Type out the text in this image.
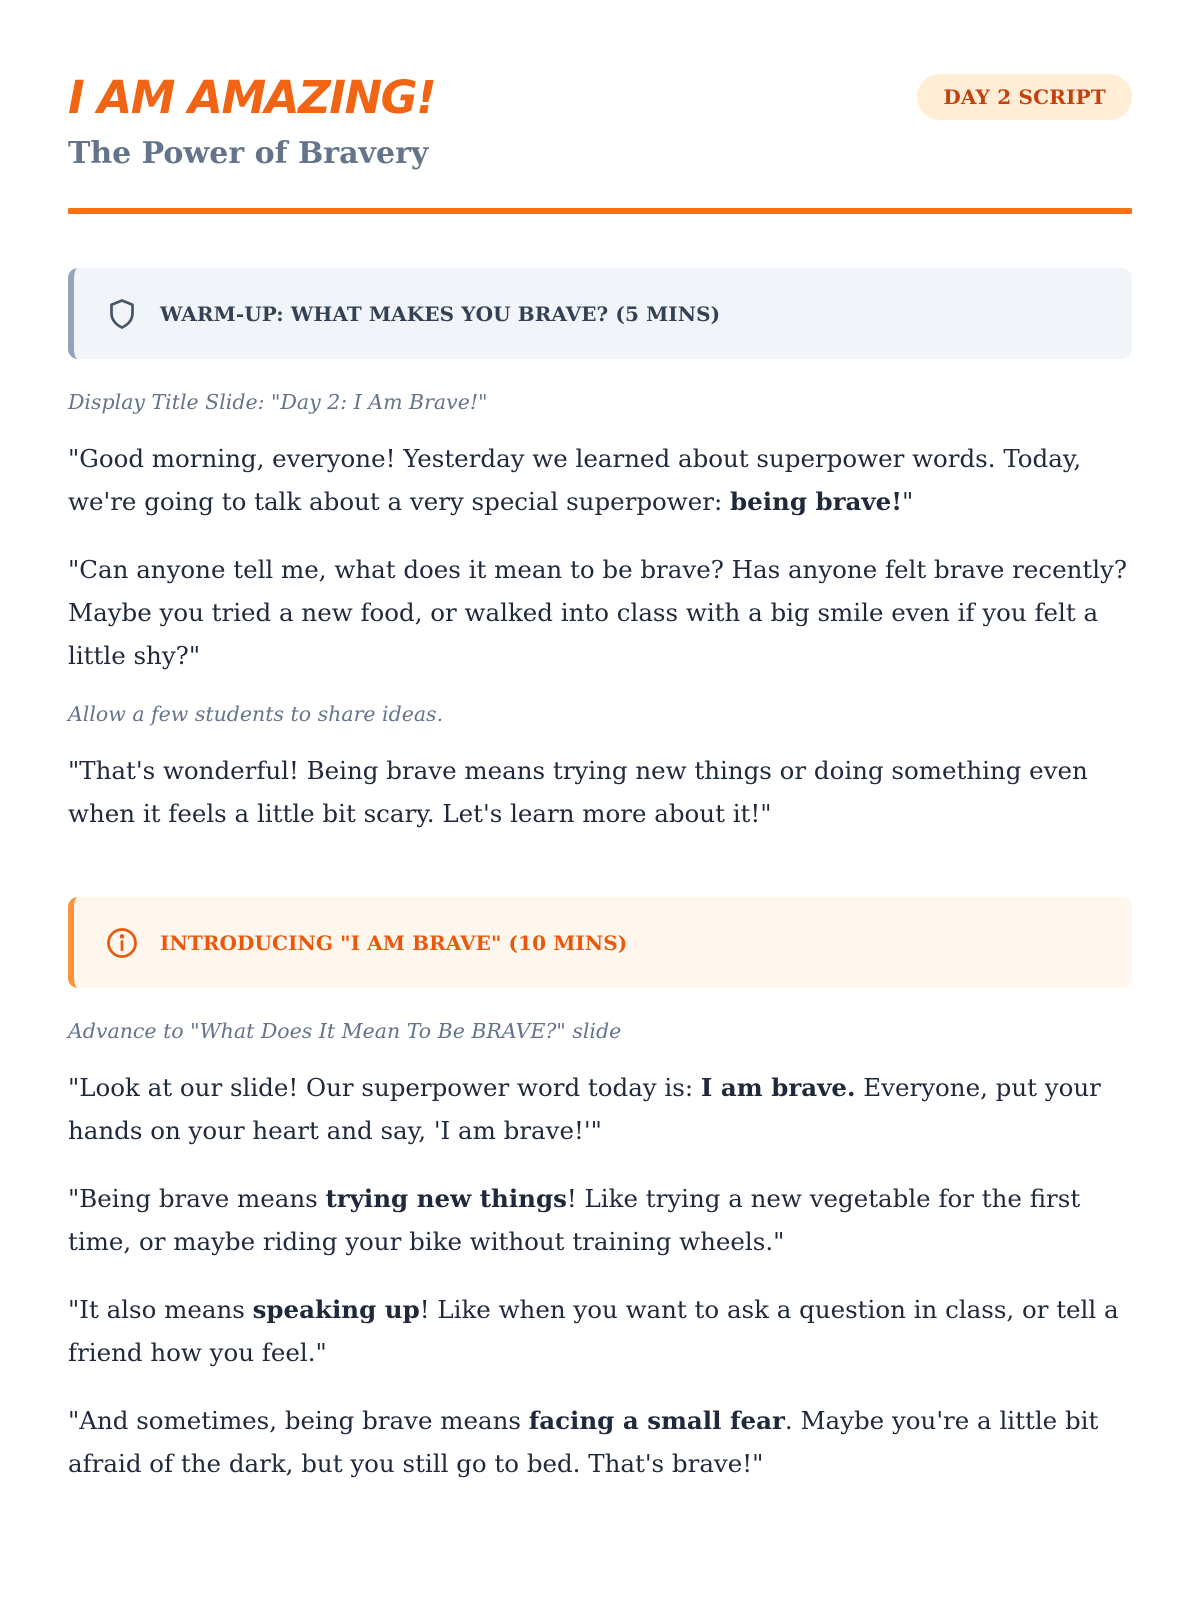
I AM AMAZING!
The Power of Bravery
DAY 2 SCRIPT
WARM-UP: WHAT MAKES YOU BRAVE? (5 MINS)

Display Title Slide: "Day 2: I Am Brave!"

"Good morning, everyone! Yesterday we learned about superpower words. Today, we're going to talk about a very special superpower: being brave!"

"Can anyone tell me, what does it mean to be brave? Has anyone felt brave recently? Maybe you tried a new food, or walked into class with a big smile even if you felt a little shy?"

Allow a few students to share ideas.

"That's wonderful! Being brave means trying new things or doing something even when it feels a little bit scary. Let's learn more about it!"

INTRODUCING "I AM BRAVE" (10 MINS)

Advance to "What Does It Mean To Be BRAVE?" slide

"Look at our slide! Our superpower word today is: I am brave. Everyone, put your hands on your heart and say, 'I am brave!'"

"Being brave means trying new things! Like trying a new vegetable for the first time, or maybe riding your bike without training wheels."

"It also means speaking up! Like when you want to ask a question in class, or tell a friend how you feel."

"And sometimes, being brave means facing a small fear. Maybe you're a little bit afraid of the dark, but you still go to bed. That's brave!"
